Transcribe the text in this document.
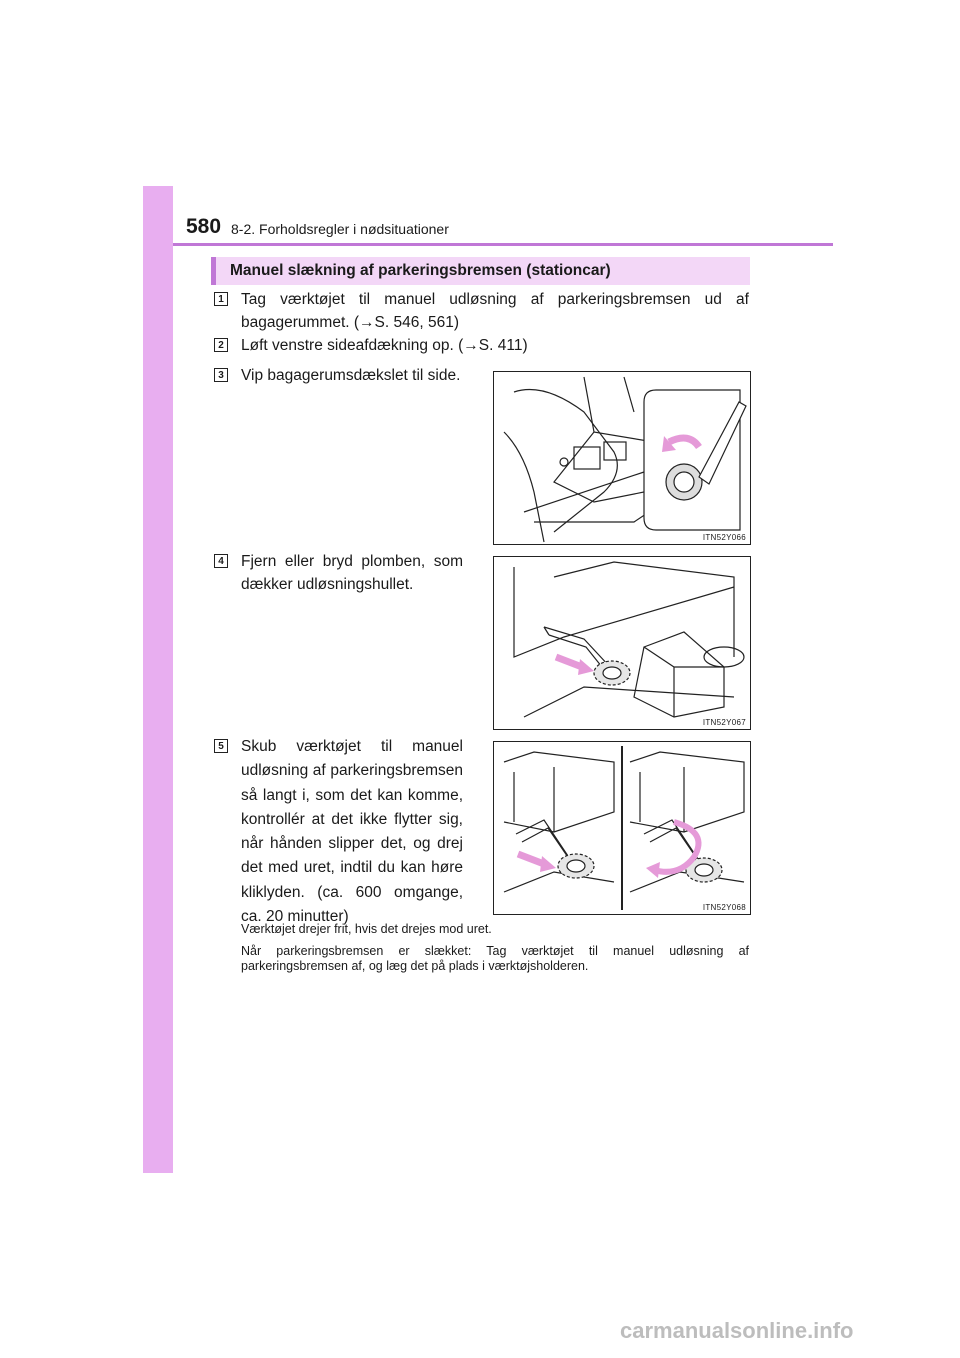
580 8-2. Forholdsregler i nødsituationer
Manuel slækning af parkeringsbremsen (stationcar)
1 Tag værktøjet til manuel udløsning af parkeringsbremsen ud af bagagerummet. (→S. 546, 561)
2 Løft venstre sideafdækning op. (→S. 411)
3 Vip bagagerumsdækslet til side.
ITN52Y066
4 Fjern eller bryd plomben, som dækker udløsningshullet.
ITN52Y067
5 Skub værktøjet til manuel udløsning af parkeringsbremsen så langt i, som det kan komme, kontrollér at det ikke flytter sig, når hånden slipper det, og drej det med uret, indtil du kan høre kliklyden. (ca. 600 omgange, ca. 20 minutter)
ITN52Y068
Værktøjet drejer frit, hvis det drejes mod uret.
Når parkeringsbremsen er slækket: Tag værktøjet til manuel udløsning af parkeringsbremsen af, og læg det på plads i værktøjsholderen.
carmanualsonline.info
